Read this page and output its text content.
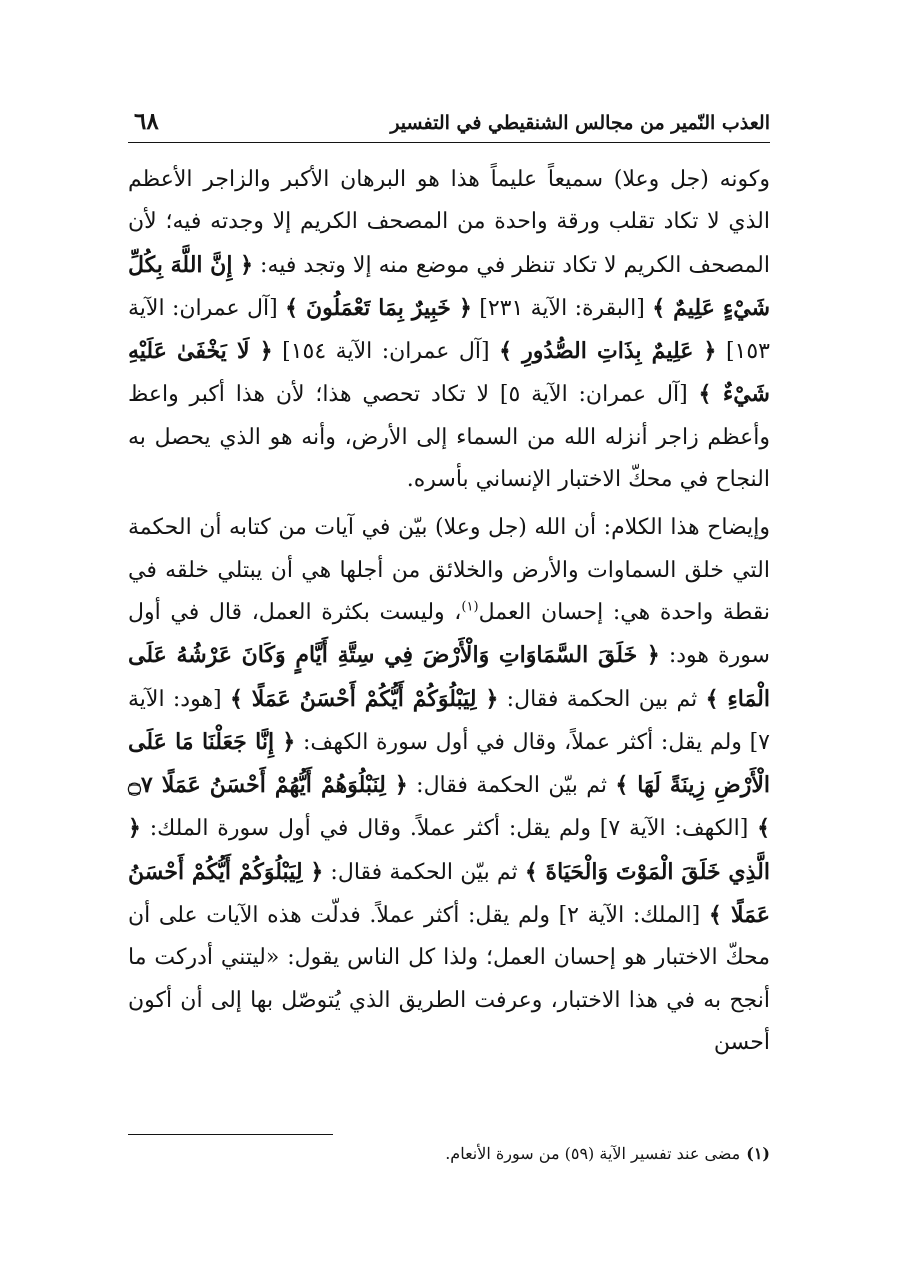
العذب النّمير من مجالس الشنقيطي في التفسير
٦٨

وكونه (جل وعلا) سميعاً عليماً هذا هو البرهان الأكبر والزاجر الأعظم الذي لا تكاد تقلب ورقة واحدة من المصحف الكريم إلا وجدته فيه؛ لأن المصحف الكريم لا تكاد تنظر في موضع منه إلا وتجد فيه: ﴿ إِنَّ اللَّهَ بِكُلِّ شَيْءٍ عَلِيمٌ ﴾ [البقرة: الآية ٢٣١] ﴿ خَبِيرٌ بِمَا تَعْمَلُونَ ﴾ [آل عمران: الآية ١٥٣] ﴿ عَلِيمٌ بِذَاتِ الصُّدُورِ ﴾ [آل عمران: الآية ١٥٤] ﴿ لَا يَخْفَىٰ عَلَيْهِ شَيْءٌ ﴾ [آل عمران: الآية ٥] لا تكاد تحصي هذا؛ لأن هذا أكبر واعظ وأعظم زاجر أنزله الله من السماء إلى الأرض، وأنه هو الذي يحصل به النجاح في محكّ الاختبار الإنساني بأسره.

وإيضاح هذا الكلام: أن الله (جل وعلا) بيّن في آيات من كتابه أن الحكمة التي خلق السماوات والأرض والخلائق من أجلها هي أن يبتلي خلقه في نقطة واحدة هي: إحسان العمل$^{(١)}$، وليست بكثرة العمل، قال في أول سورة هود: ﴿ خَلَقَ السَّمَاوَاتِ وَالْأَرْضَ فِي سِتَّةِ أَيَّامٍ وَكَانَ عَرْشُهُ عَلَى الْمَاءِ ﴾ ثم بين الحكمة فقال: ﴿ لِيَبْلُوَكُمْ أَيُّكُمْ أَحْسَنُ عَمَلًا ﴾ [هود: الآية ٧] ولم يقل: أكثر عملاً، وقال في أول سورة الكهف: ﴿ إِنَّا جَعَلْنَا مَا عَلَى الْأَرْضِ زِينَةً لَهَا ﴾ ثم بيّن الحكمة فقال: ﴿ لِنَبْلُوَهُمْ أَيُّهُمْ أَحْسَنُ عَمَلًا ۝٧ ﴾ [الكهف: الآية ٧] ولم يقل: أكثر عملاً. وقال في أول سورة الملك: ﴿ الَّذِي خَلَقَ الْمَوْتَ وَالْحَيَاةَ ﴾ ثم بيّن الحكمة فقال: ﴿ لِيَبْلُوَكُمْ أَيُّكُمْ أَحْسَنُ عَمَلًا ﴾ [الملك: الآية ٢] ولم يقل: أكثر عملاً. فدلّت هذه الآيات على أن محكّ الاختبار هو إحسان العمل؛ ولذا كل الناس يقول: «ليتني أدركت ما أنجح به في هذا الاختبار، وعرفت الطريق الذي يُتوصّل بها إلى أن أكون أحسن

(١)مضى عند تفسير الآية (٥٩) من سورة الأنعام.
